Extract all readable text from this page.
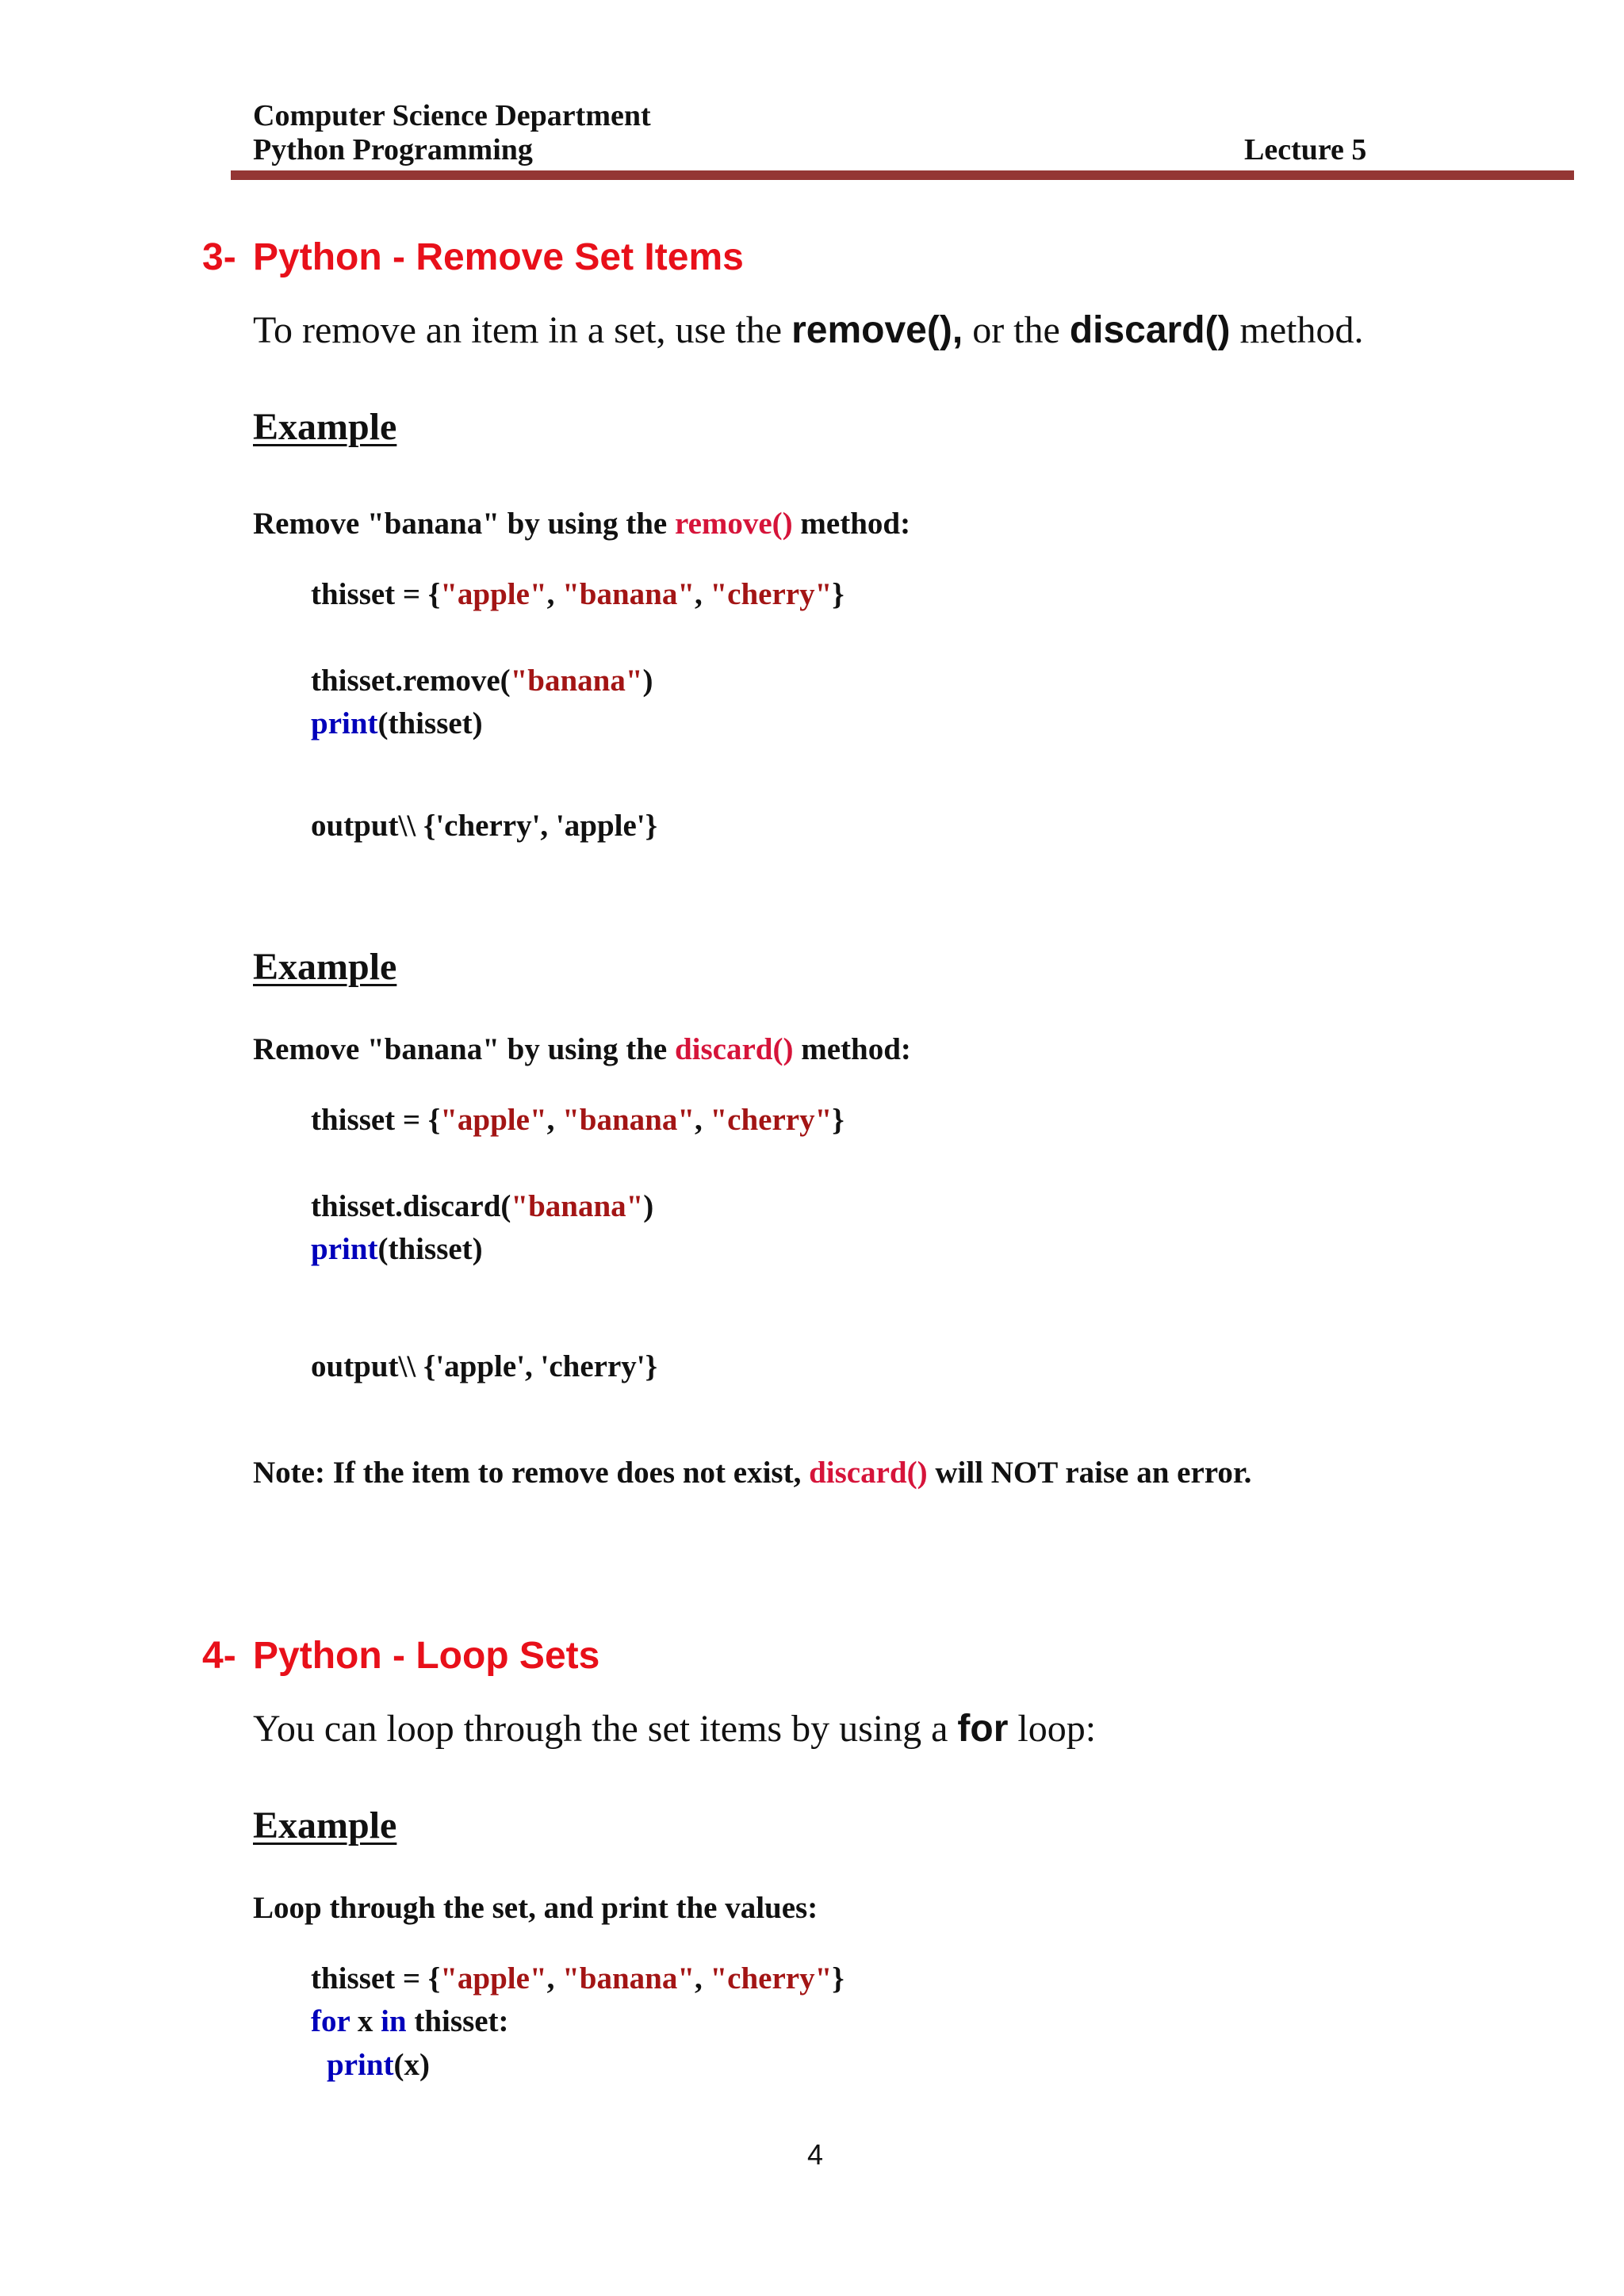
Computer Science Department
Python Programming	Lecture 5
3- Python - Remove Set Items
To remove an item in a set, use the remove(), or the discard() method.
Example
Remove "banana" by using the remove() method:
thisset = {"apple", "banana", "cherry"}
thisset.remove("banana")
print(thisset)
output\\ {'cherry', 'apple'}
Example
Remove "banana" by using the discard() method:
thisset = {"apple", "banana", "cherry"}
thisset.discard("banana")
print(thisset)
output\\ {'apple', 'cherry'}
Note: If the item to remove does not exist, discard() will NOT raise an error.
4- Python - Loop Sets
You can loop through the set items by using a for loop:
Example
Loop through the set, and print the values:
thisset = {"apple", "banana", "cherry"}
for x in thisset:
print(x)
4
